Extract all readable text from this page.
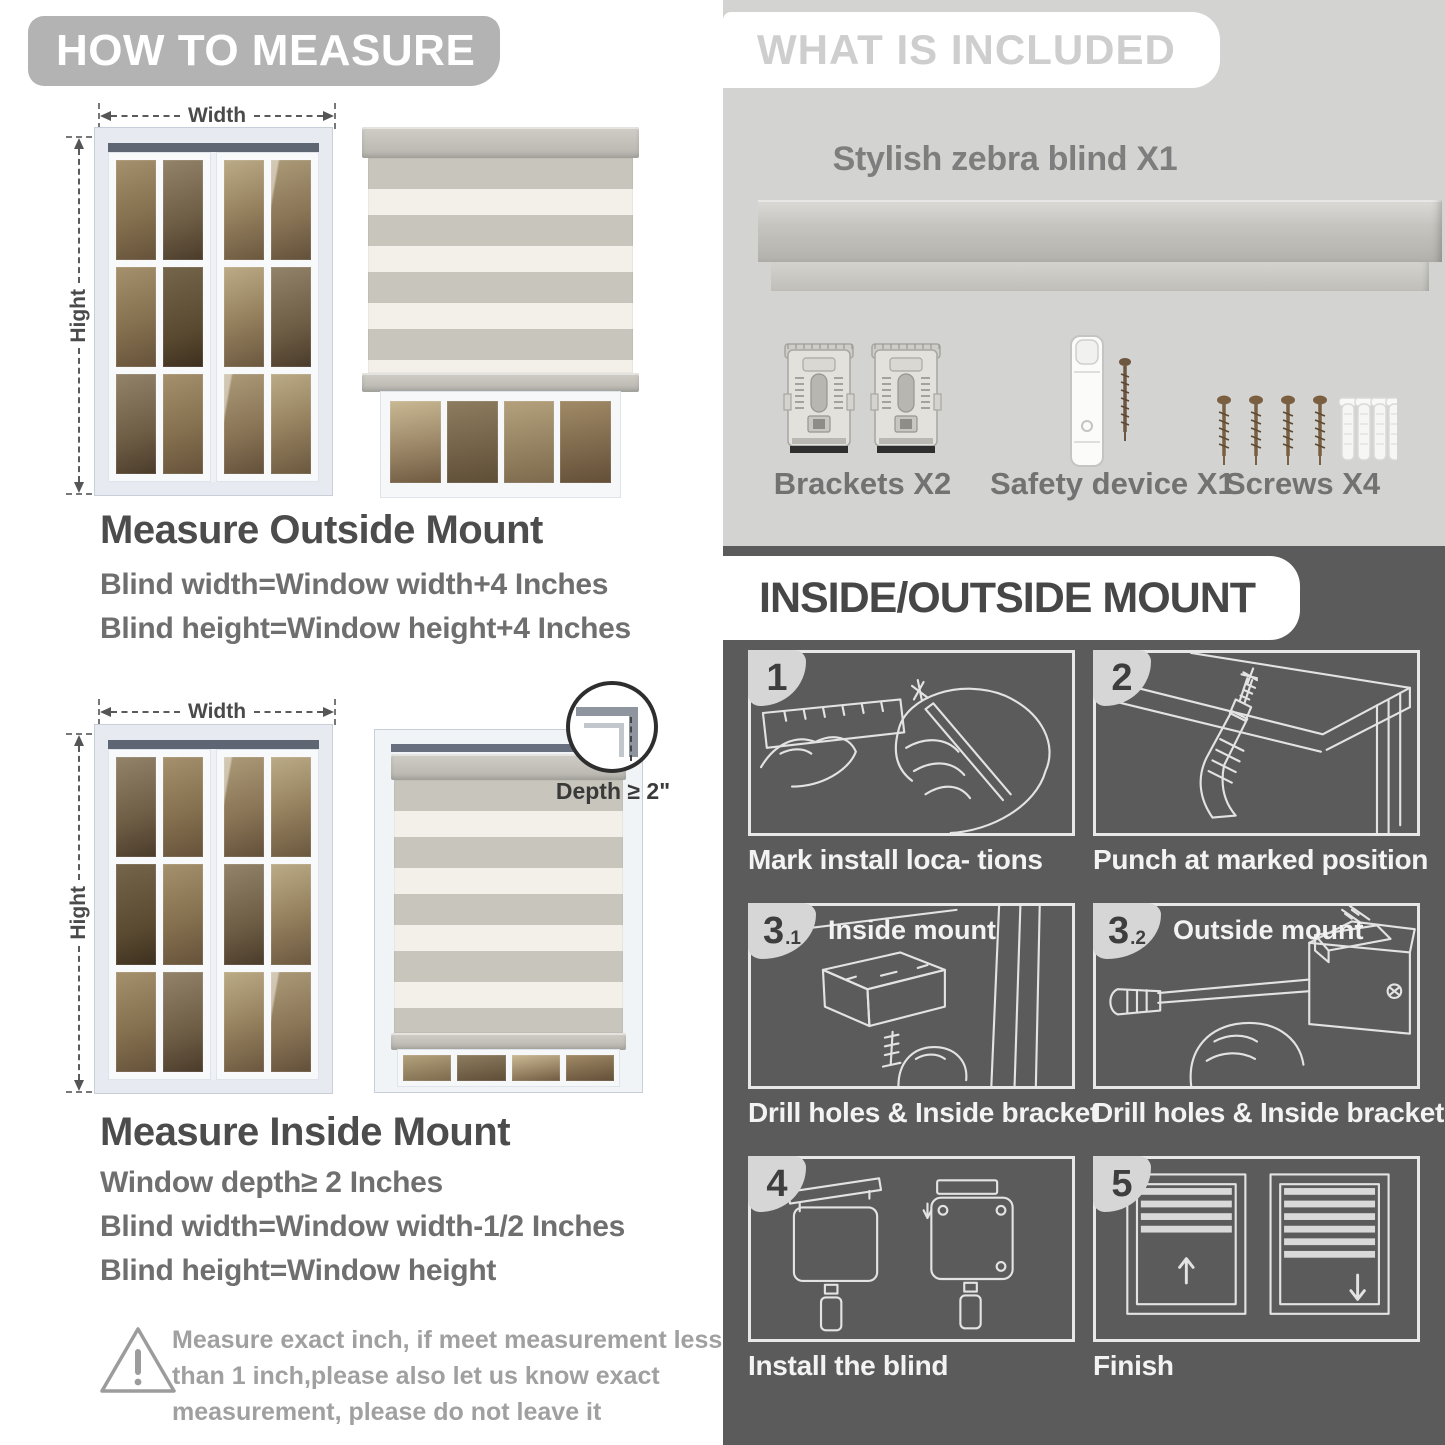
HOW TO MEASURE
Width
Hight
Measure Outside Mount
Blind width=Window width+4 Inches
Blind height=Window height+4 Inches
Width
Hight
Depth ≥ 2"
Measure Inside Mount
Window depth≥ 2 Inches
Blind width=Window width-1/2 Inches
Blind height=Window height
Measure exact inch, if meet measurement less
than 1 inch,please also let us know exact
measurement, please do not leave it
WHAT IS INCLUDED
Stylish zebra blind X1
Brackets X2	Safety device X1
Screws X4
INSIDE/OUTSIDE MOUNT
1	2
Mark install loca- tions Punch at marked position
3 .1	3 .2
Inside mount	Outside mount
Drill holes & Inside bracket
Drill holes & Inside bracket
4	5
Install the blind	Finish
